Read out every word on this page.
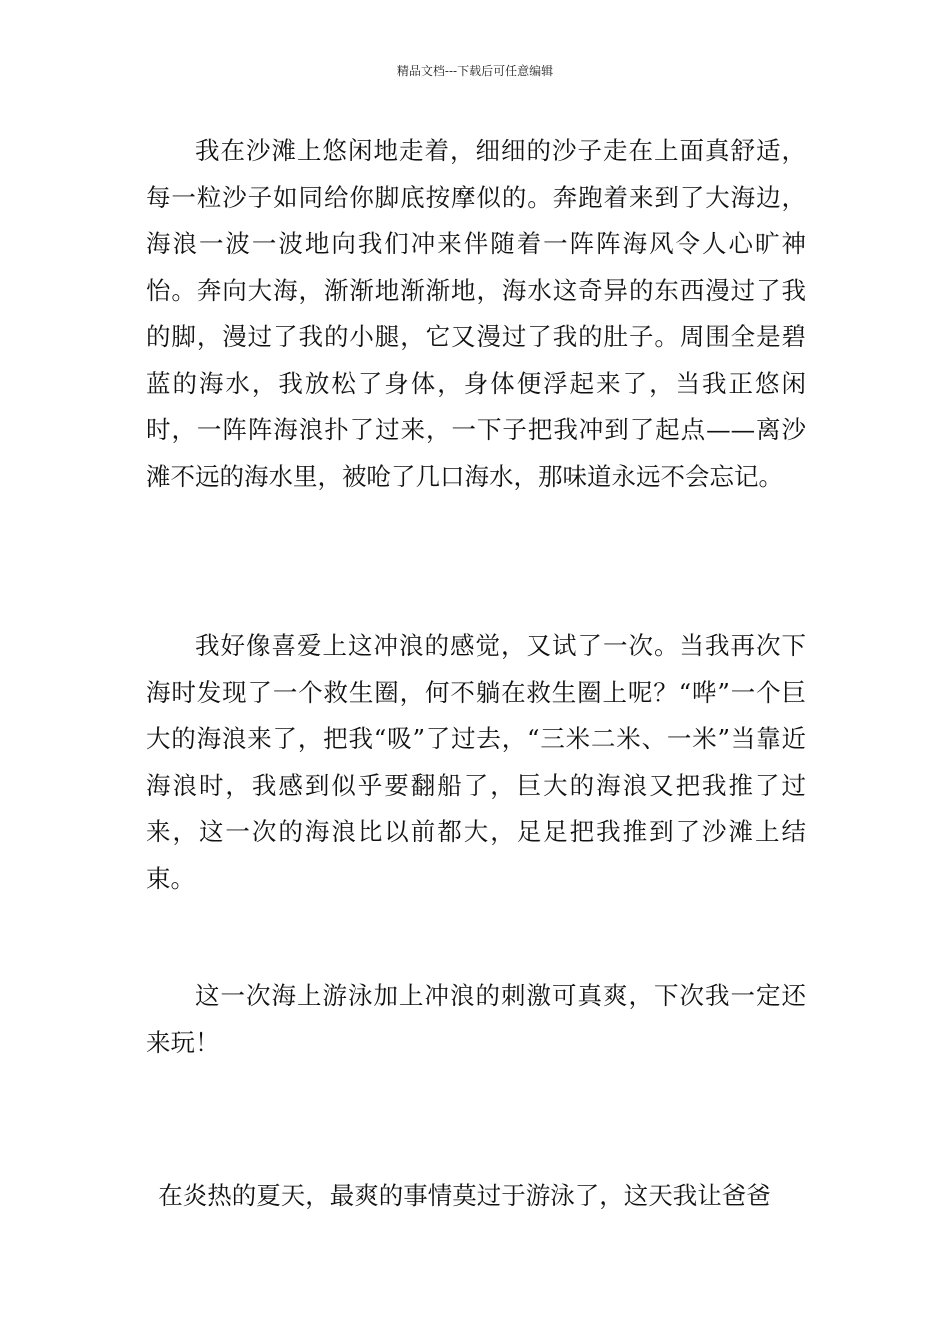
精品文档---下载后可任意编辑

我在沙滩上悠闲地走着，细细的沙子走在上面真舒适，每一粒沙子如同给你脚底按摩似的。奔跑着来到了大海边，海浪一波一波地向我们冲来伴随着一阵阵海风令人心旷神怡。奔向大海，渐渐地渐渐地，海水这奇异的东西漫过了我的脚，漫过了我的小腿，它又漫过了我的肚子。周围全是碧蓝的海水，我放松了身体，身体便浮起来了，当我正悠闲时，一阵阵海浪扑了过来，一下子把我冲到了起点——离沙滩不远的海水里，被呛了几口海水，那味道永远不会忘记。

我好像喜爱上这冲浪的感觉，又试了一次。当我再次下海时发现了一个救生圈，何不躺在救生圈上呢？“哗”一个巨大的海浪来了，把我“吸”了过去，“三米二米、一米”当靠近海浪时，我感到似乎要翻船了，巨大的海浪又把我推了过来，这一次的海浪比以前都大，足足把我推到了沙滩上结束。

这一次海上游泳加上冲浪的刺激可真爽，下次我一定还来玩！

在炎热的夏天，最爽的事情莫过于游泳了，这天我让爸爸
